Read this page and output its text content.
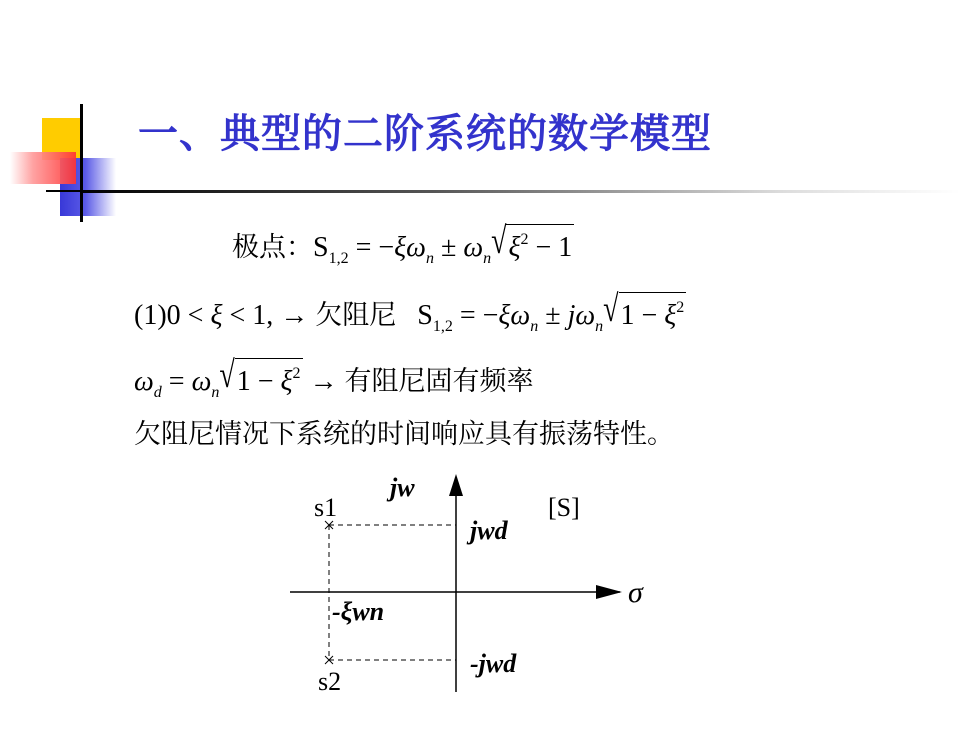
一、典型的二阶系统的数学模型
极点：$S_{1,2} = -\xi\omega_n \pm \omega_n√\xi^2 - 1$
(1)0 < ξ < 1, → 欠阻尼 $S_{1,2} = -\xi\omega_n \pm j\omega_n√1 - \xi^2$
$\omega_d = \omega_n√1 - \xi^2$ → 有阻尼固有频率
欠阻尼情况下系统的时间响应具有振荡特性。
jw
σ
[S]
s1
s2
jwd
-jwd
-ξwn
